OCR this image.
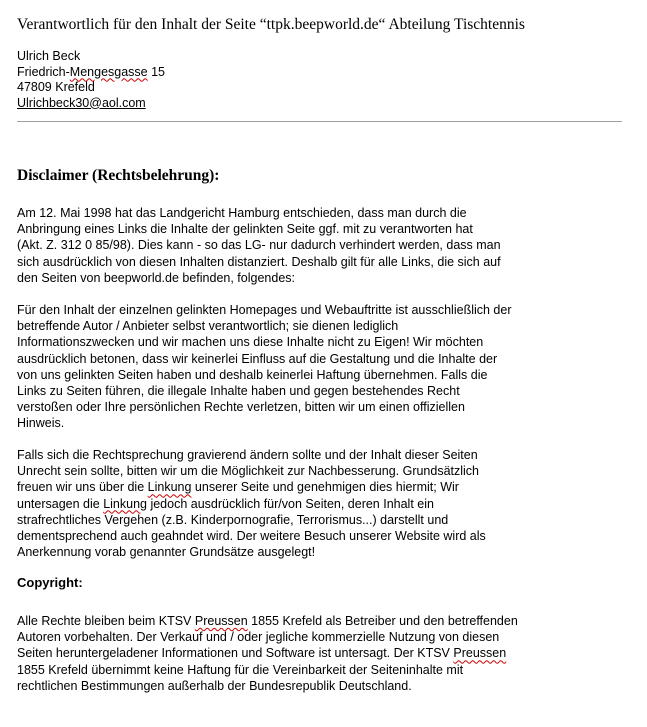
Verantwortlich für den Inhalt der Seite “ttpk.beepworld.de“ Abteilung Tischtennis
Ulrich Beck
Friedrich-Mengesgasse 15
47809 Krefeld
Ulrichbeck30@aol.com
Disclaimer (Rechtsbelehrung):
Am 12. Mai 1998 hat das Landgericht Hamburg entschieden, dass man durch die
Anbringung eines Links die Inhalte der gelinkten Seite ggf. mit zu verantworten hat
(Akt. Z. 312 0 85/98). Dies kann - so das LG- nur dadurch verhindert werden, dass man
sich ausdrücklich von diesen Inhalten distanziert. Deshalb gilt für alle Links, die sich auf
den Seiten von beepworld.de befinden, folgendes:
Für den Inhalt der einzelnen gelinkten Homepages und Webauftritte ist ausschließlich der
betreffende Autor / Anbieter selbst verantwortlich; sie dienen lediglich
Informationszwecken und wir machen uns diese Inhalte nicht zu Eigen! Wir möchten
ausdrücklich betonen, dass wir keinerlei Einfluss auf die Gestaltung und die Inhalte der
von uns gelinkten Seiten haben und deshalb keinerlei Haftung übernehmen. Falls die
Links zu Seiten führen, die illegale Inhalte haben und gegen bestehendes Recht
verstoßen oder Ihre persönlichen Rechte verletzen, bitten wir um einen offiziellen
Hinweis.
Falls sich die Rechtsprechung gravierend ändern sollte und der Inhalt dieser Seiten
Unrecht sein sollte, bitten wir um die Möglichkeit zur Nachbesserung. Grundsätzlich
freuen wir uns über die Linkung unserer Seite und genehmigen dies hiermit; Wir
untersagen die Linkung jedoch ausdrücklich für/von Seiten, deren Inhalt ein
strafrechtliches Vergehen (z.B. Kinderpornografie, Terrorismus...) darstellt und
dementsprechend auch geahndet wird. Der weitere Besuch unserer Website wird als
Anerkennung vorab genannter Grundsätze ausgelegt!
Copyright:
Alle Rechte bleiben beim KTSV Preussen 1855 Krefeld als Betreiber und den betreffenden
Autoren vorbehalten. Der Verkauf und / oder jegliche kommerzielle Nutzung von diesen
Seiten heruntergeladener Informationen und Software ist untersagt. Der KTSV Preussen
1855 Krefeld übernimmt keine Haftung für die Vereinbarkeit der Seiteninhalte mit
rechtlichen Bestimmungen außerhalb der Bundesrepublik Deutschland.
